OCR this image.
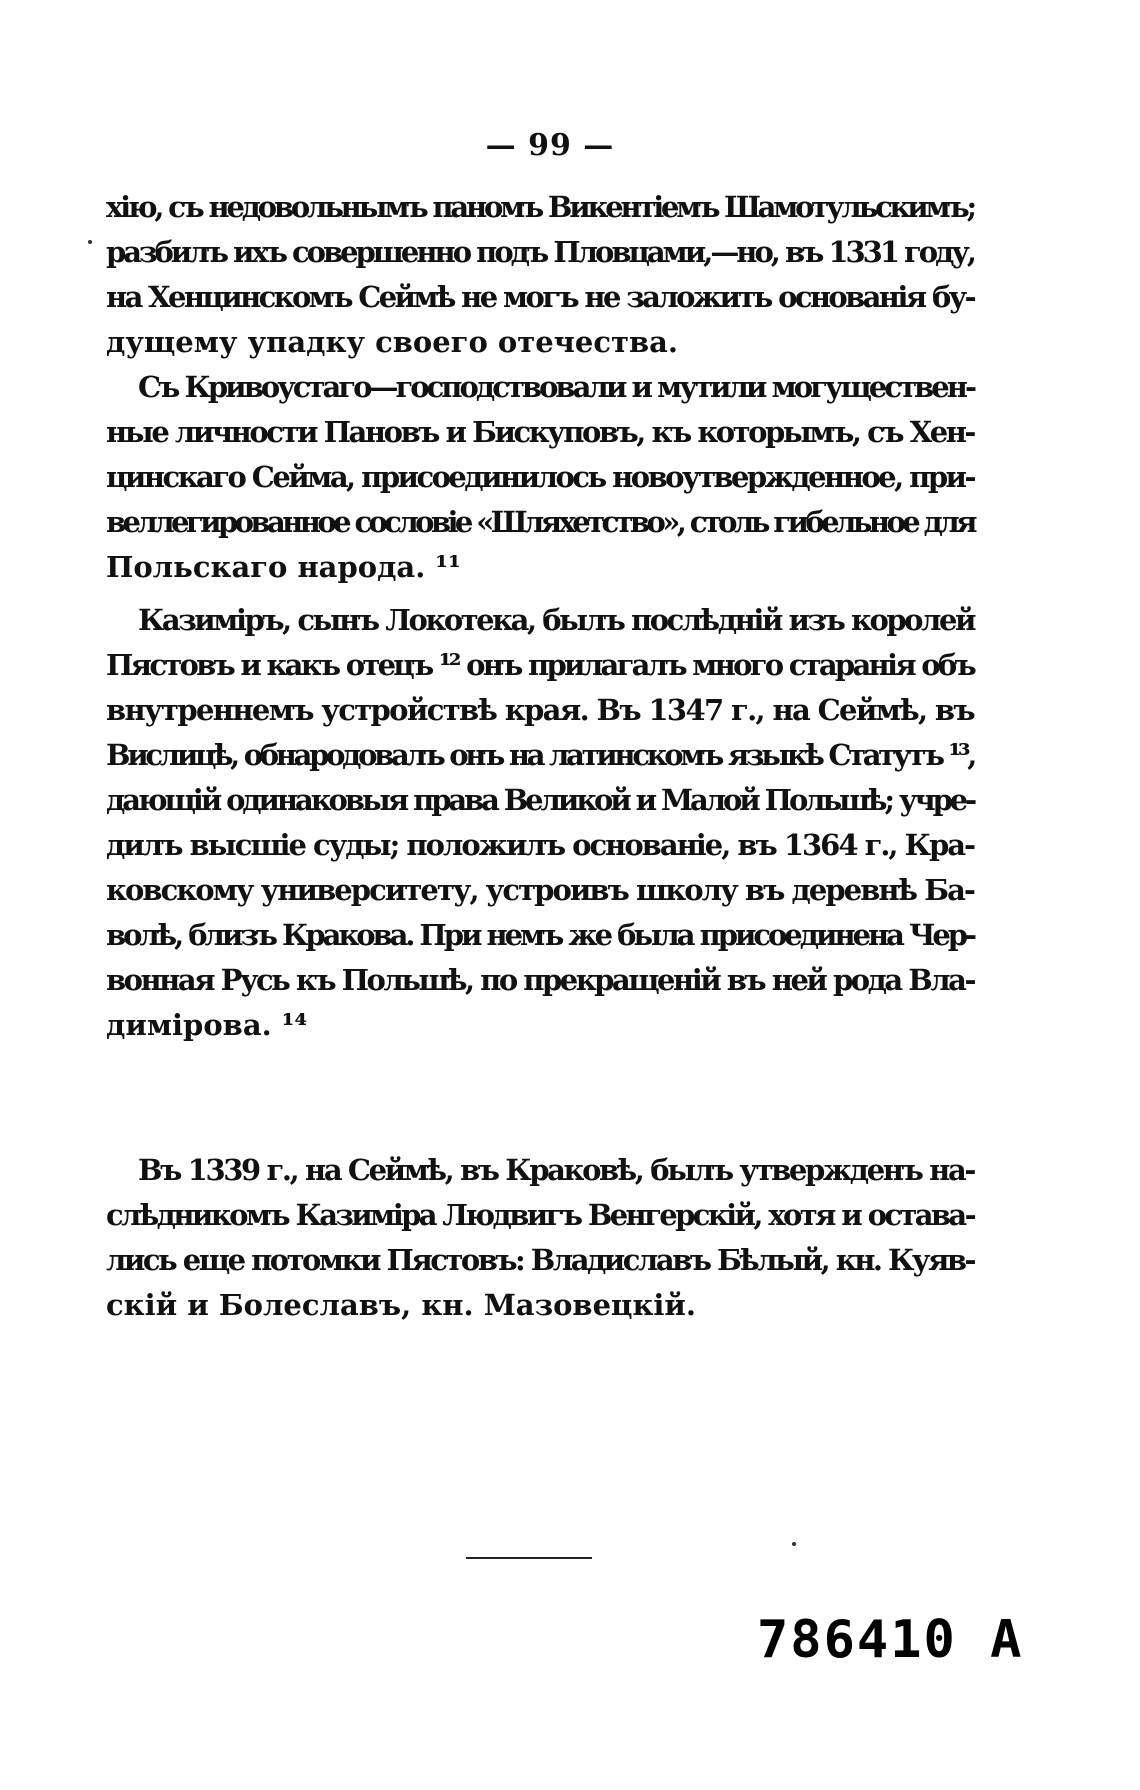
— 99 —
хію, съ недовольнымъ паномъ Викентіемъ Шамотульскимъ;
разбилъ ихъ совершенно подъ Пловцами,—но, въ 1331 году,
на Хенцинскомъ Сеймѣ не могъ не заложить основанія бу-
дущему упадку своего отечества.
Съ Кривоустаго—господствовали и мутили могуществен-
ные личности Пановъ и Бискуповъ, къ которымъ, съ Хен-
цинскаго Сейма, присоединилось новоутвержденное, при-
веллегированное сословіе «Шляхетство», столь гибельное для
Польскаго народа. ¹¹
Казиміръ, сынъ Локотека, былъ послѣдній изъ королей
Пястовъ и какъ отецъ ¹² онъ прилагалъ много старанія объ
внутреннемъ устройствѣ края. Въ 1347 г., на Сеймѣ, въ
Вислицѣ, обнародовалъ онъ на латинскомъ языкѣ Статутъ ¹³,
дающій одинаковыя права Великой и Малой Польшѣ; учре-
дилъ высшіе суды; положилъ основаніе, въ 1364 г., Кра-
ковскому университету, устроивъ школу въ деревнѣ Ба-
волѣ, близъ Кракова. При немъ же была присоединена Чер-
вонная Русь къ Польшѣ, по прекращеній въ ней рода Вла-
диміровa. ¹⁴
Въ 1339 г., на Сеймѣ, въ Краковѣ, былъ утвержденъ на-
слѣдникомъ Казиміра Людвигъ Венгерскій, хотя и остава-
лись еще потомки Пястовъ: Владиславъ Бѣлый, кн. Куяв-
скій и Болеславъ, кн. Мазовецкій.
786410 A
